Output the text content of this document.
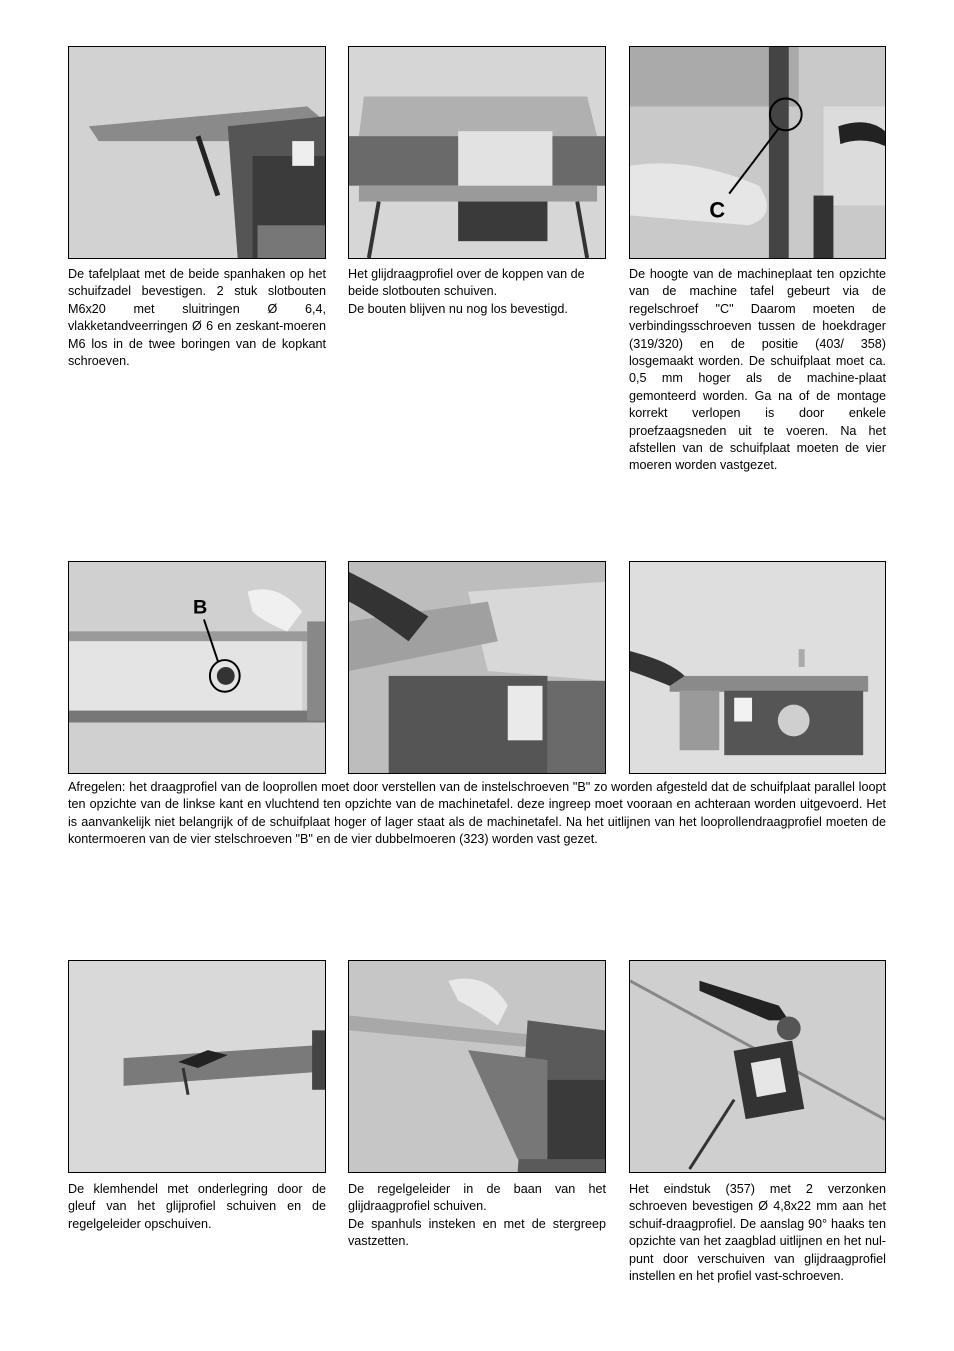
C

De tafelplaat met de beide spanhaken op het schuifzadel bevestigen. 2 stuk slotbouten M6x20 met sluitringen Ø 6,4, vlakketandveerringen Ø 6 en zeskant-moeren M6 los in de twee boringen van de kopkant schroeven.

Het glijdraagprofiel over de koppen van de beide slotbouten schuiven.

De bouten blijven nu nog los bevestigd.

De hoogte van de machineplaat ten opzichte van de machine tafel gebeurt via de regelschroef "C" Daarom moeten de verbindingsschroeven tussen de hoekdrager (319/320) en de positie (403/ 358) losgemaakt worden. De schuifplaat moet ca. 0,5 mm hoger als de machine-plaat gemonteerd worden. Ga na of de montage korrekt verlopen is door enkele proefzaagsneden uit te voeren. Na het afstellen van de schuifplaat moeten de vier moeren worden vastgezet.

B

Afregelen: het draagprofiel van de looprollen moet door verstellen van de instelschroeven "B" zo worden afgesteld dat de schuifplaat parallel loopt ten opzichte van de linkse kant en vluchtend ten opzichte van de machinetafel. deze ingreep moet vooraan en achteraan worden uitgevoerd. Het is aanvankelijk niet belangrijk of de schuifplaat hoger of lager staat als de machinetafel. Na het uitlijnen van het looprollendraagprofiel moeten de kontermoeren van de vier stelschroeven "B" en de vier dubbelmoeren (323) worden vast gezet.

De klemhendel met onderlegring door de gleuf van het glijprofiel schuiven en de regelgeleider opschuiven.

De regelgeleider in de baan van het glijdraagprofiel schuiven.

De spanhuls insteken en met de stergreep vastzetten.

Het eindstuk (357) met 2 verzonken schroeven bevestigen Ø 4,8x22 mm aan het schuif-draagprofiel. De aanslag 90° haaks ten opzichte van het zaagblad uitlijnen en het nul-punt door verschuiven van glijdraagprofiel instellen en het profiel vast-schroeven.
